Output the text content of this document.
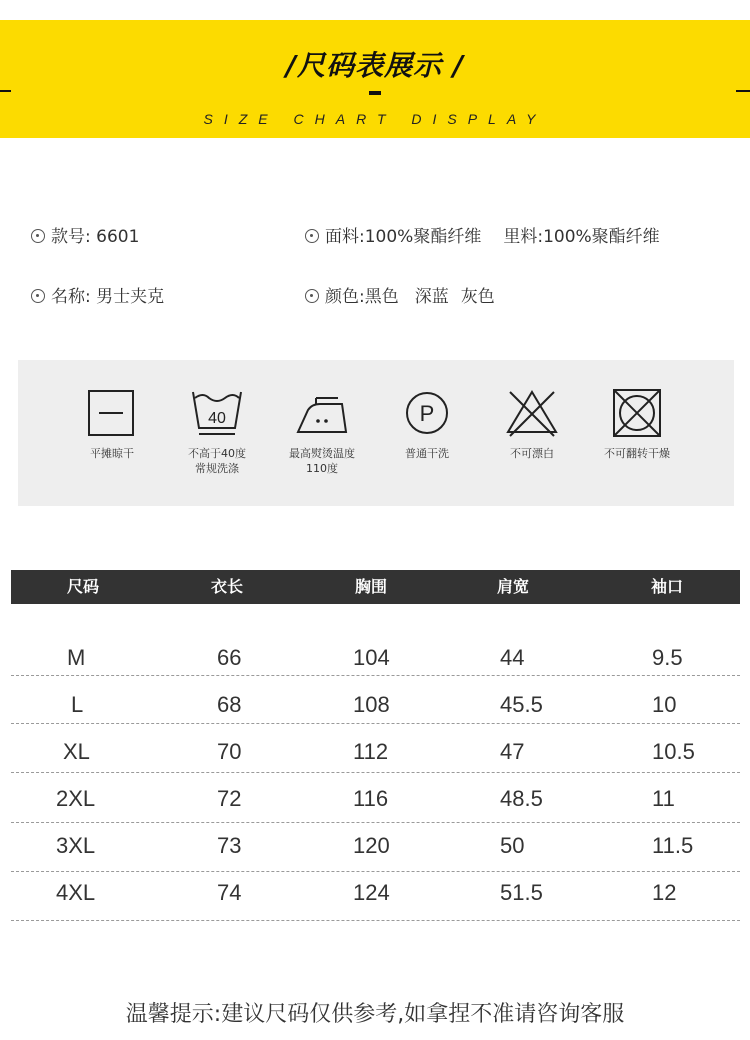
/尺码表展示 /
SIZE CHART DISPLAY
款号: 6601	面料:100%聚酯纤维 里料:100%聚酯纤维
名称: 男士夹克	颜色:黑色 深蓝 灰色
平摊晾干
40
不高于40度
常规洗涤
最高熨烫温度
110度
P
普通干洗	不可漂白	不可翻转干燥
尺码	衣长	胸围	肩宽	袖口
M	66	104	44	9.5
L	68	108	45.5	10
XL	70	112	47	10.5
2XL	72	116	48.5	11
3XL	73	120	50	11.5
4XL	74	124	51.5	12
温馨提示:建议尺码仅供参考,如拿捏不准请咨询客服
